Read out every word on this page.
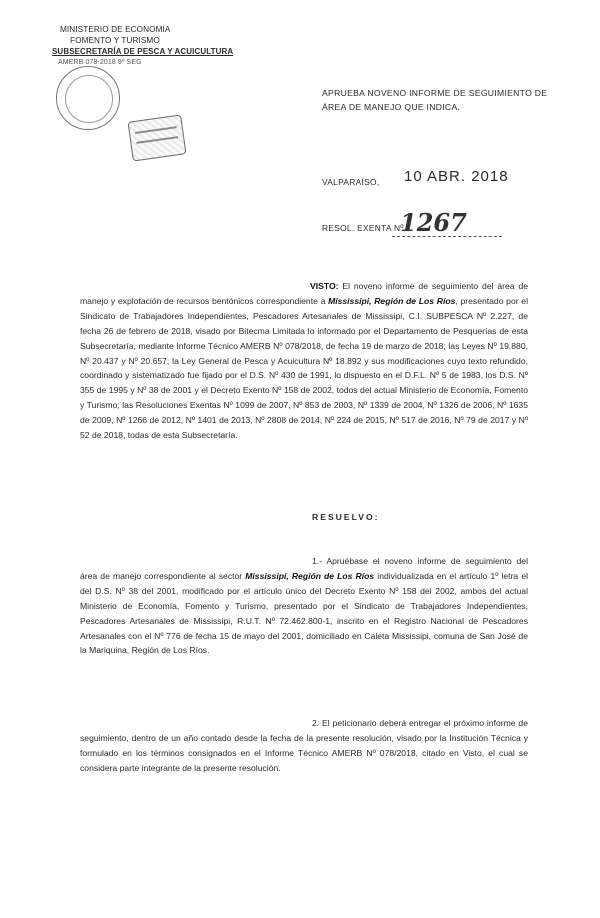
MINISTERIO DE ECONOMIA
FOMENTO Y TURISMO
SUBSECRETARÍA DE PESCA Y ACUICULTURA
AMERB 078-2018 9º SEG
APRUEBA NOVENO INFORME DE SEGUIMIENTO DE ÁREA DE MANEJO QUE INDICA.
VALPARAÍSO, 10 ABR. 2018
RESOL. EXENTA Nº
1267
VISTO: El noveno informe de seguimiento del área de manejo y explotación de recursos bentónicos correspondiente a Mississipi, Región de Los Ríos, presentado por el Sindicato de Trabajadores Independientes, Pescadores Artesanales de Mississipi, C.I. SUBPESCA Nº 2.227, de fecha 26 de febrero de 2018, visado por Bitecma Limitada lo informado por el Departamento de Pesquerías de esta Subsecretaría, mediante Informe Técnico AMERB Nº 078/2018, de fecha 19 de marzo de 2018; las Leyes Nº 19.880, Nº 20.437 y Nº 20.657; la Ley General de Pesca y Acuicultura Nº 18.892 y sus modificaciones cuyo texto refundido, coordinado y sistematizado fue fijado por el D.S. Nº 430 de 1991, lo dispuesto en el D.F.L. Nº 5 de 1983, los D.S. Nº 355 de 1995 y Nº 38 de 2001 y el Decreto Exento Nº 158 de 2002, todos del actual Ministerio de Economía, Fomento y Turismo; las Resoluciones Exentas Nº 1099 de 2007, Nº 853 de 2003, Nº 1339 de 2004, Nº 1326 de 2006, Nº 1635 de 2009, Nº 1266 de 2012, Nº 1401 de 2013, Nº 2808 de 2014, Nº 224 de 2015, Nº 517 de 2016, Nº 79 de 2017 y Nº 52 de 2018, todas de esta Subsecretaría.
RESUELVO:
1.- Apruébase el noveno informe de seguimiento del área de manejo correspondiente al sector Mississipi, Región de Los Ríos individualizada en el artículo 1º letra el del D.S. Nº 38 del 2001, modificado por el artículo único del Decreto Exento Nº 158 del 2002, ambos del actual Ministerio de Economía, Fomento y Turismo, presentado por el Sindicato de Trabajadores Independientes, Pescadores Artesanales de Mississipi, R.U.T. Nº 72.462.800-1, inscrito en el Registro Nacional de Pescadores Artesanales con el Nº 776 de fecha 15 de mayo del 2001, domiciliado en Caleta Mississipi, comuna de San José de la Mariquina, Región de Los Ríos.
2. El peticionario deberá entregar el próximo informe de seguimiento, dentro de un año contado desde la fecha de la presente resolución, visado por la Institución Técnica y formulado en los términos consignados en el Informe Técnico AMERB Nº 078/2018, citado en Visto, el cual se considera parte integrante de la presente resolución.
